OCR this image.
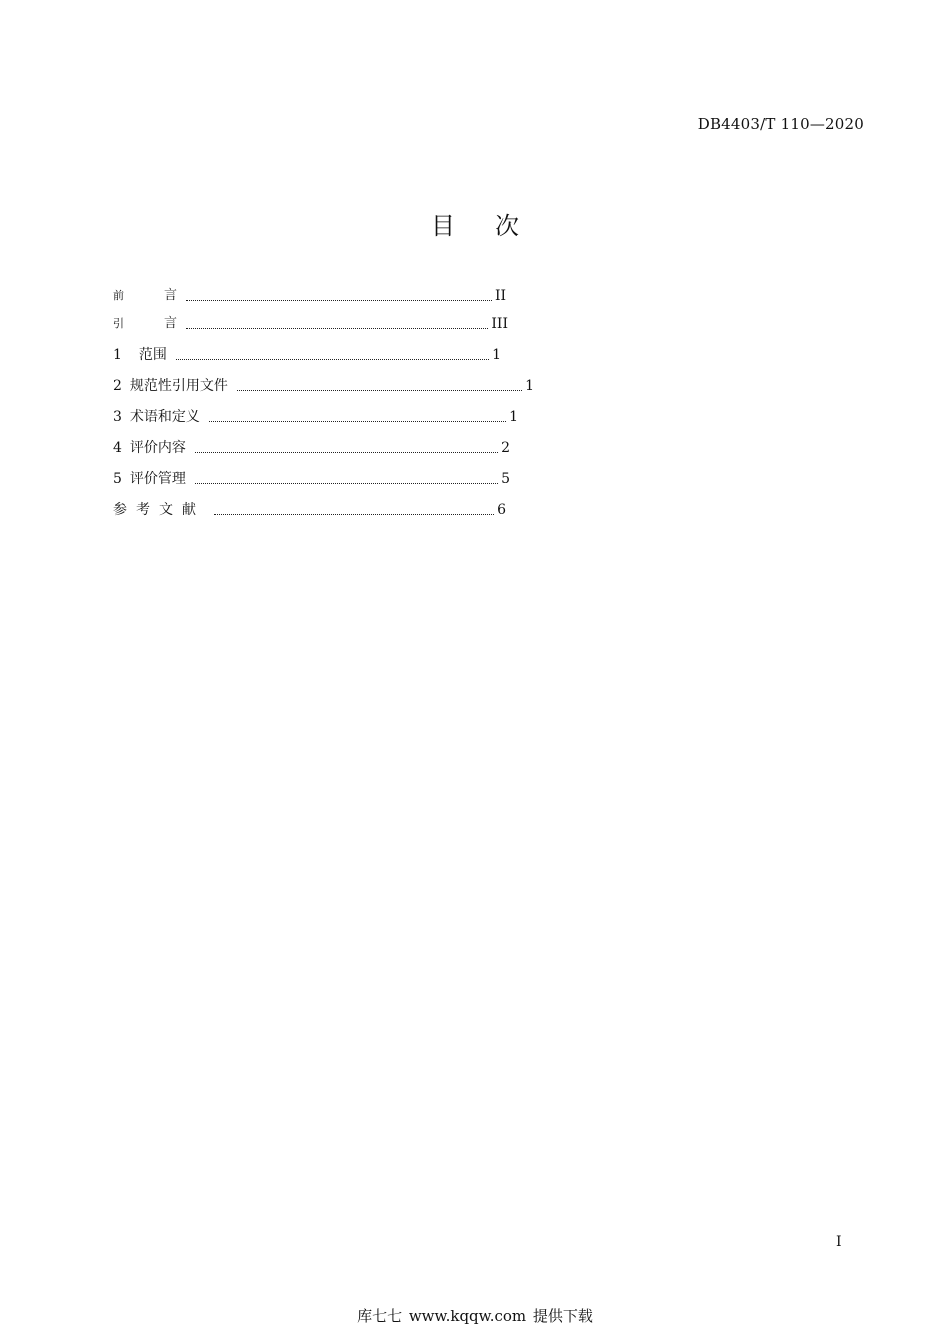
DB4403/T 110—2020
目 次
前	言	II
引	言	III
1 范围	1
2 规范性引用文件	1
3 术语和定义	1
4 评价内容	2
5 评价管理	5
参考文献	6
I
库七七 www.kqqw.com 提供下载
